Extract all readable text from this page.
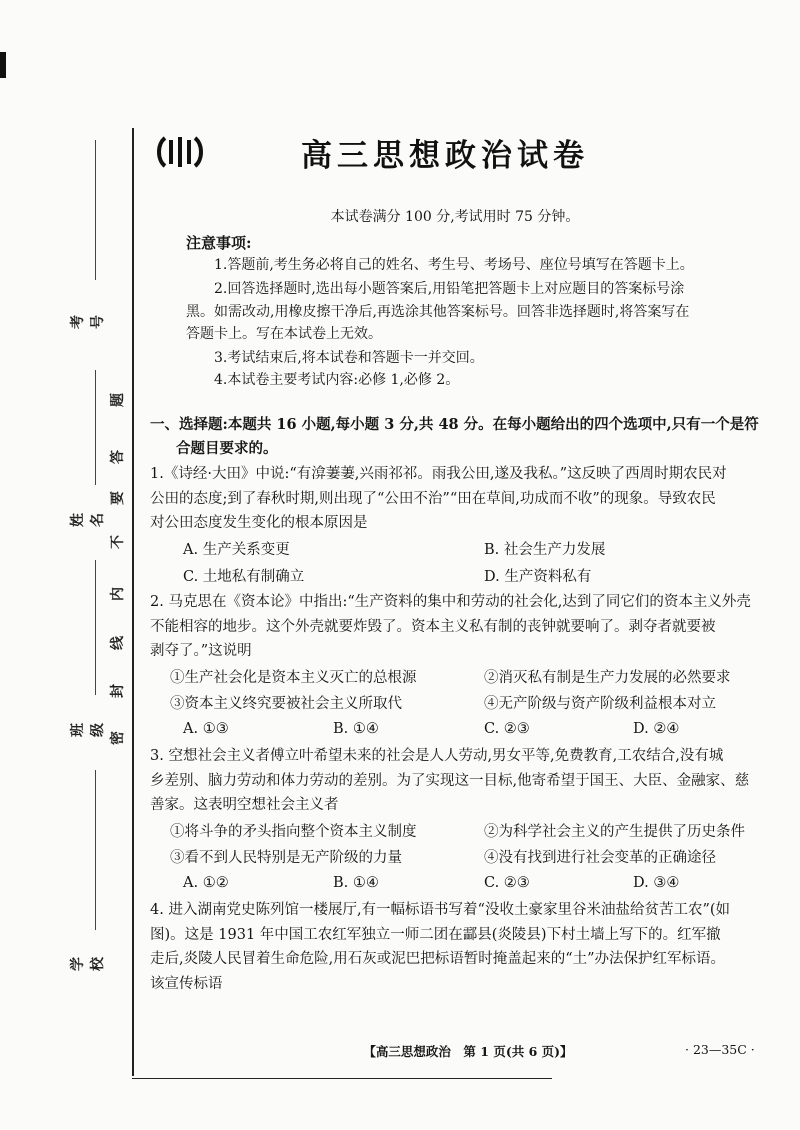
考号
姓名
班级
学校
题
答
要
不
内
线
封
密
高三思想政治试卷
本试卷满分 100 分,考试用时 75 分钟。
注意事项:
1.答题前,考生务必将自己的姓名、考生号、考场号、座位号填写在答题卡上。
2.回答选择题时,选出每小题答案后,用铅笔把答题卡上对应题目的答案标号涂
黑。如需改动,用橡皮擦干净后,再选涂其他答案标号。回答非选择题时,将答案写在
答题卡上。写在本试卷上无效。
3.考试结束后,将本试卷和答题卡一并交回。
4.本试卷主要考试内容:必修 1,必修 2。
一、选择题:本题共 16 小题,每小题 3 分,共 48 分。在每小题给出的四个选项中,只有一个是符
合题目要求的。
1.《诗经·大田》中说:“有渰萋萋,兴雨祁祁。雨我公田,遂及我私。”这反映了西周时期农民对
公田的态度;到了春秋时期,则出现了“公田不治”“田在草间,功成而不收”的现象。导致农民
对公田态度发生变化的根本原因是
A. 生产关系变更	B. 社会生产力发展
C. 土地私有制确立	D. 生产资料私有
2. 马克思在《资本论》中指出:“生产资料的集中和劳动的社会化,达到了同它们的资本主义外壳
不能相容的地步。这个外壳就要炸毁了。资本主义私有制的丧钟就要响了。剥夺者就要被
剥夺了。”这说明
①生产社会化是资本主义灭亡的总根源	②消灭私有制是生产力发展的必然要求
③资本主义终究要被社会主义所取代	④无产阶级与资产阶级利益根本对立
A. ①③	B. ①④	C. ②③	D. ②④
3. 空想社会主义者傅立叶希望未来的社会是人人劳动,男女平等,免费教育,工农结合,没有城
乡差别、脑力劳动和体力劳动的差别。为了实现这一目标,他寄希望于国王、大臣、金融家、慈
善家。这表明空想社会主义者
①将斗争的矛头指向整个资本主义制度	②为科学社会主义的产生提供了历史条件
③看不到人民特别是无产阶级的力量	④没有找到进行社会变革的正确途径
A. ①②	B. ①④	C. ②③	D. ③④
4. 进入湖南党史陈列馆一楼展厅,有一幅标语书写着“没收土豪家里谷米油盐给贫苦工农”(如
图)。这是 1931 年中国工农红军独立一师二团在酃县(炎陵县)下村土墙上写下的。红军撤
走后,炎陵人民冒着生命危险,用石灰或泥巴把标语暂时掩盖起来的“土”办法保护红军标语。
该宣传标语
【高三思想政治　第 1 页(共 6 页)】	· 23—35C ·
